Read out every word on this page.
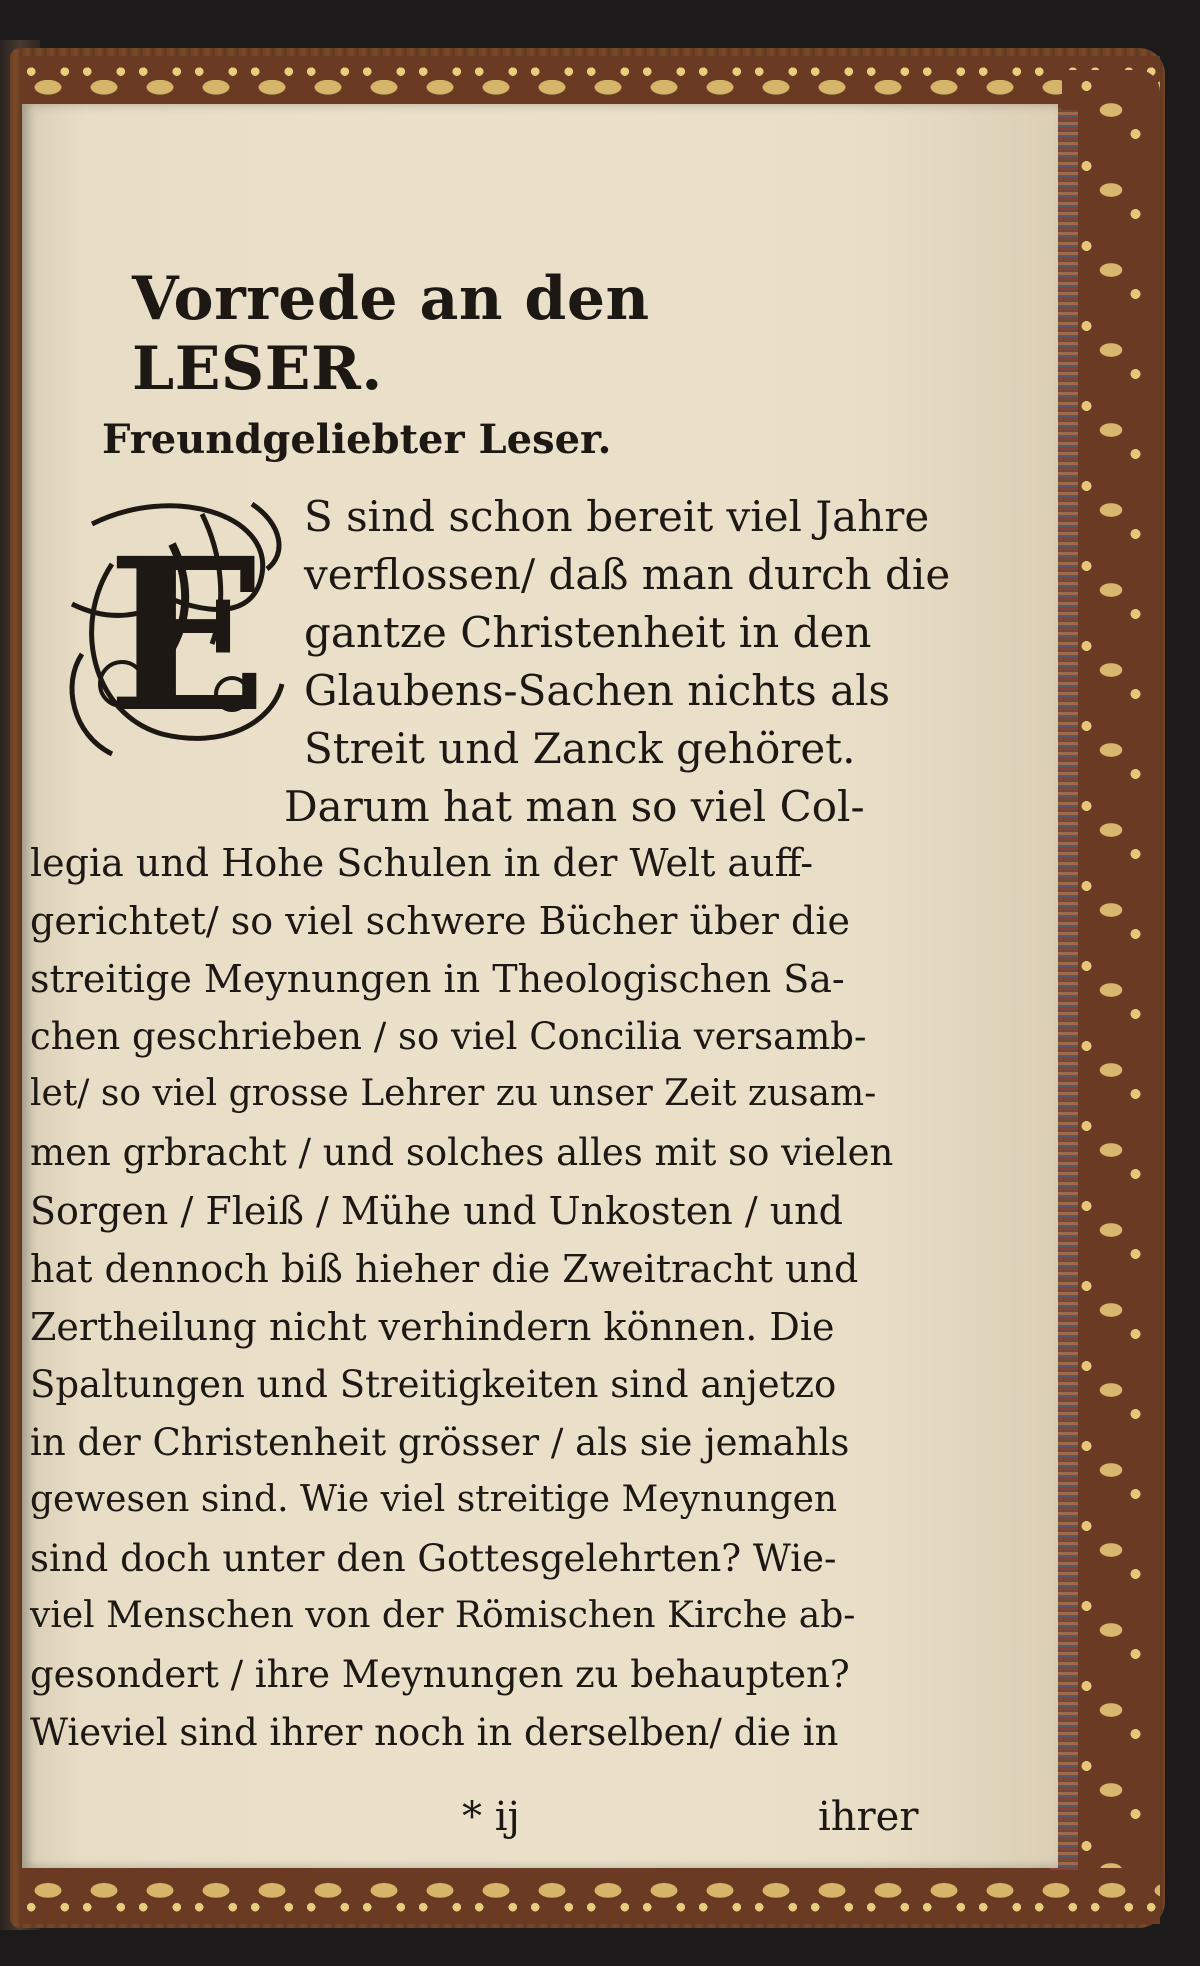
Vorrede an den LESER.
Freundgeliebter Leser.
E S sind schon bereit viel Jahre
verflossen/ daß man durch die
gantze Christenheit in den
Glaubens-Sachen nichts als
Streit und Zanck gehöret.
Darum hat man so viel Col-
legia und Hohe Schulen in der Welt auff-
gerichtet/ so viel schwere Bücher über die
streitige Meynungen in Theologischen Sa-
chen geschrieben / so viel Concilia versamb-
let/ so viel grosse Lehrer zu unser Zeit zusam-
men grbracht / und solches alles mit so vielen
Sorgen / Fleiß / Mühe und Unkosten / und
hat dennoch biß hieher die Zweitracht und
Zertheilung nicht verhindern können. Die
Spaltungen und Streitigkeiten sind anjetzo
in der Christenheit grösser / als sie jemahls
gewesen sind. Wie viel streitige Meynungen
sind doch unter den Gottesgelehrten? Wie-
viel Menschen von der Römischen Kirche ab-
gesondert / ihre Meynungen zu behaupten?
Wieviel sind ihrer noch in derselben/ die in
* ij	ihrer
